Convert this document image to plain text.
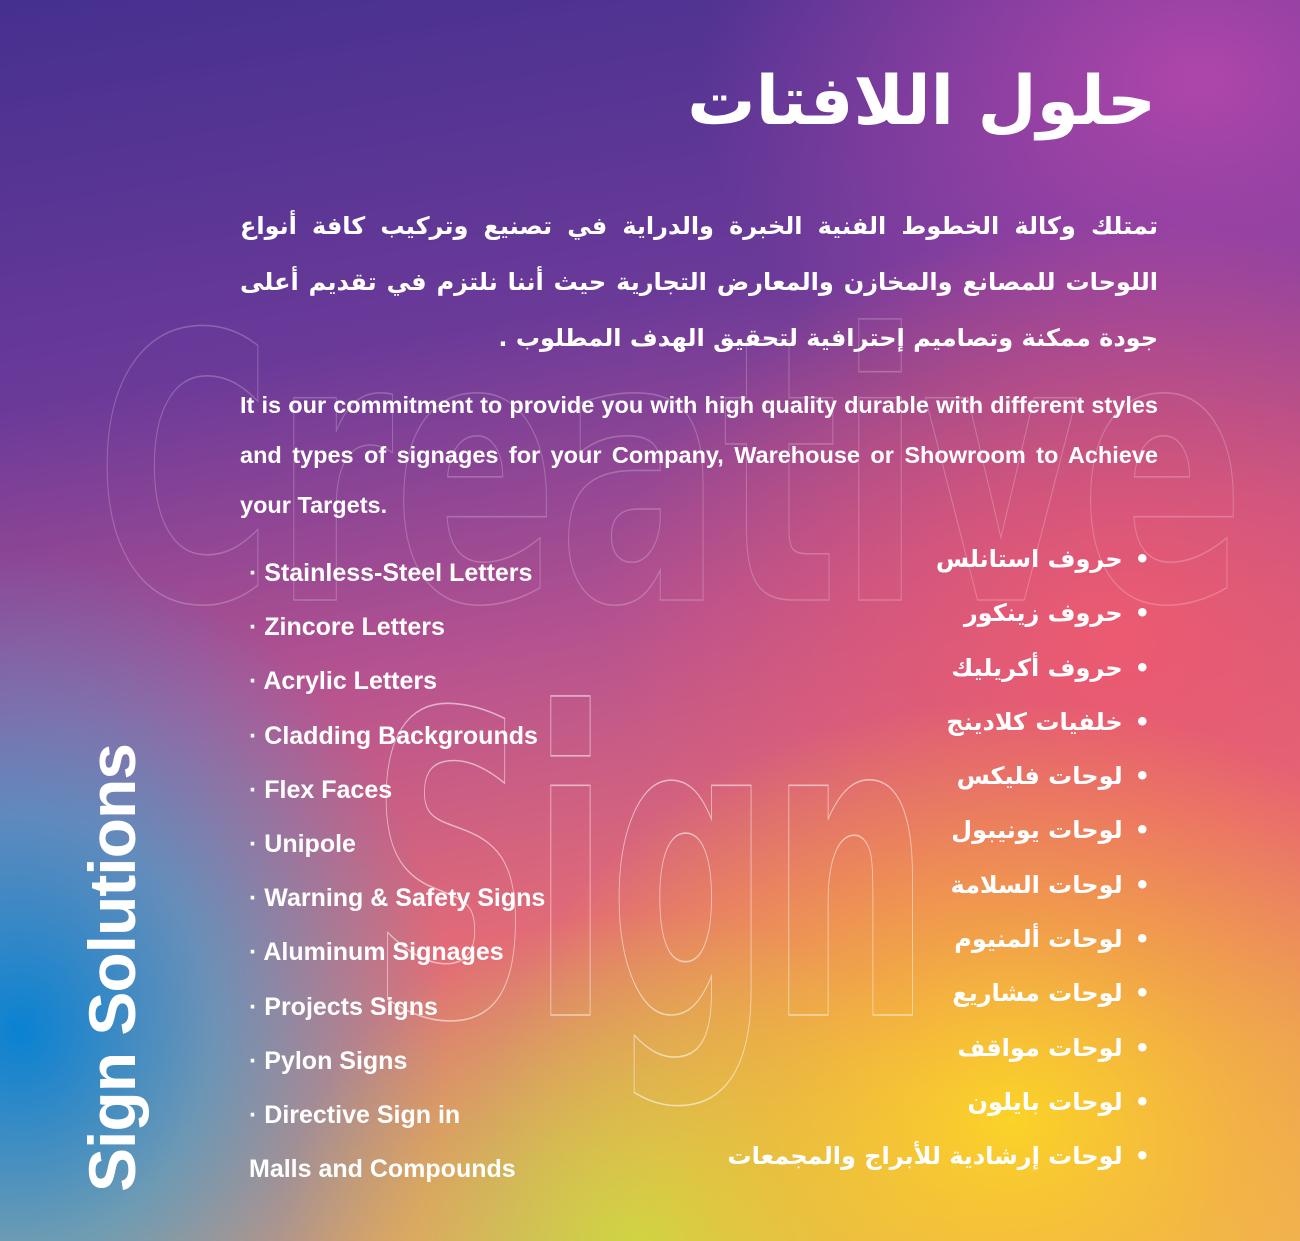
Creative
Sign
حلول اللافتات

تمتلك وكالة الخطوط الفنية الخبرة والدراية في تصنيع وتركيب كافة أنواع اللوحات للمصانع والمخازن والمعارض التجارية حيث أننا نلتزم في تقديم أعلى جودة ممكنة وتصاميم إحترافية لتحقيق الهدف المطلوب .

It is our commitment to provide you with high quality durable with different styles and types of signages for your Company, Warehouse or Showroom to Achieve your Targets.

· Stainless-Steel Letters
· Zincore Letters
· Acrylic Letters
· Cladding Backgrounds
· Flex Faces
· Unipole
· Warning & Safety Signs
· Aluminum Signages
· Projects Signs
· Pylon Signs
· Directive Sign in
Malls and Compounds
•حروف استانلس
•حروف زينكور
•حروف أكريليك
•خلفيات كلادينج
•لوحات فليكس
•لوحات يونيبول
•لوحات السلامة
•لوحات ألمنيوم
•لوحات مشاريع
•لوحات مواقف
•لوحات بايلون
•لوحات إرشادية للأبراج والمجمعات
Sign Solutions
